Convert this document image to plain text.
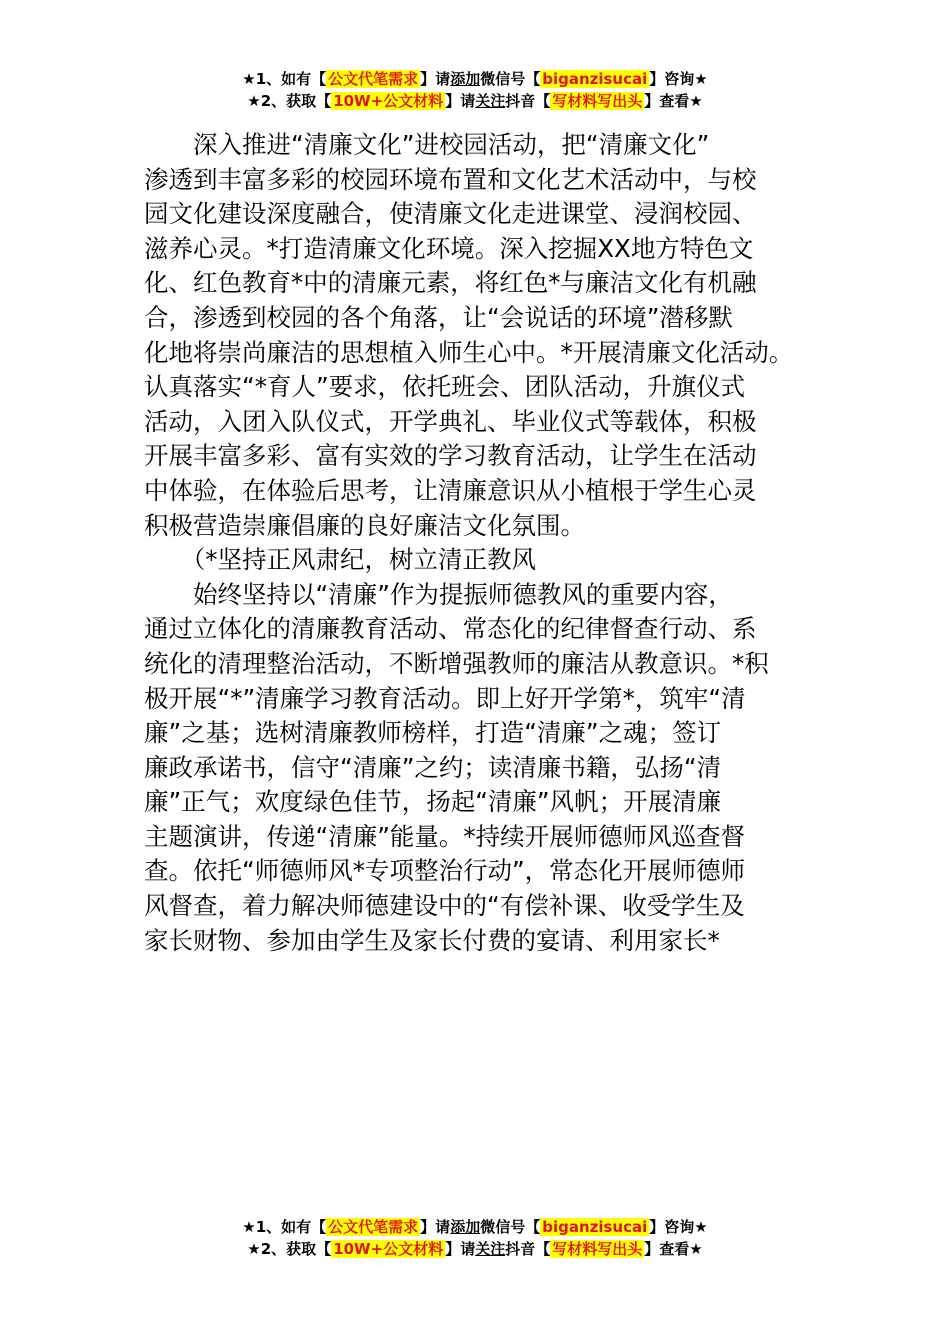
★1、如有【 公文代笔需求 】请添加微信号【 biganzisucai 】咨询★
★2、获取【 10W+公文材料 】请关注抖音【 写材料写出头 】查看★
　　深入推进“清廉文化”进校园活动，把“清廉文化”
渗透到丰富多彩的校园环境布置和文化艺术活动中，与校
园文化建设深度融合，使清廉文化走进课堂、浸润校园、
滋养心灵。*打造清廉文化环境。深入挖掘XX地方特色文
化、红色教育*中的清廉元素，将红色*与廉洁文化有机融
合，渗透到校园的各个角落，让“会说话的环境”潜移默
化地将崇尚廉洁的思想植入师生心中。*开展清廉文化活动。
认真落实“*育人”要求，依托班会、团队活动，升旗仪式
活动，入团入队仪式，开学典礼、毕业仪式等载体，积极
开展丰富多彩、富有实效的学习教育活动，让学生在活动
中体验，在体验后思考，让清廉意识从小植根于学生心灵
积极营造崇廉倡廉的良好廉洁文化氛围。
　　（*坚持正风肃纪，树立清正教风
　　始终坚持以“清廉”作为提振师德教风的重要内容，
通过立体化的清廉教育活动、常态化的纪律督查行动、系
统化的清理整治活动，不断增强教师的廉洁从教意识。*积
极开展“*”清廉学习教育活动。即上好开学第*，筑牢“清
廉”之基；选树清廉教师榜样，打造“清廉”之魂；签订
廉政承诺书，信守“清廉”之约；读清廉书籍，弘扬“清
廉”正气；欢度绿色佳节，扬起“清廉”风帆；开展清廉
主题演讲，传递“清廉”能量。*持续开展师德师风巡查督
查。依托“师德师风*专项整治行动”，常态化开展师德师
风督查，着力解决师德建设中的“有偿补课、收受学生及
家长财物、参加由学生及家长付费的宴请、利用家长*
★1、如有【 公文代笔需求 】请添加微信号【 biganzisucai 】咨询★
★2、获取【 10W+公文材料 】请关注抖音【 写材料写出头 】查看★
